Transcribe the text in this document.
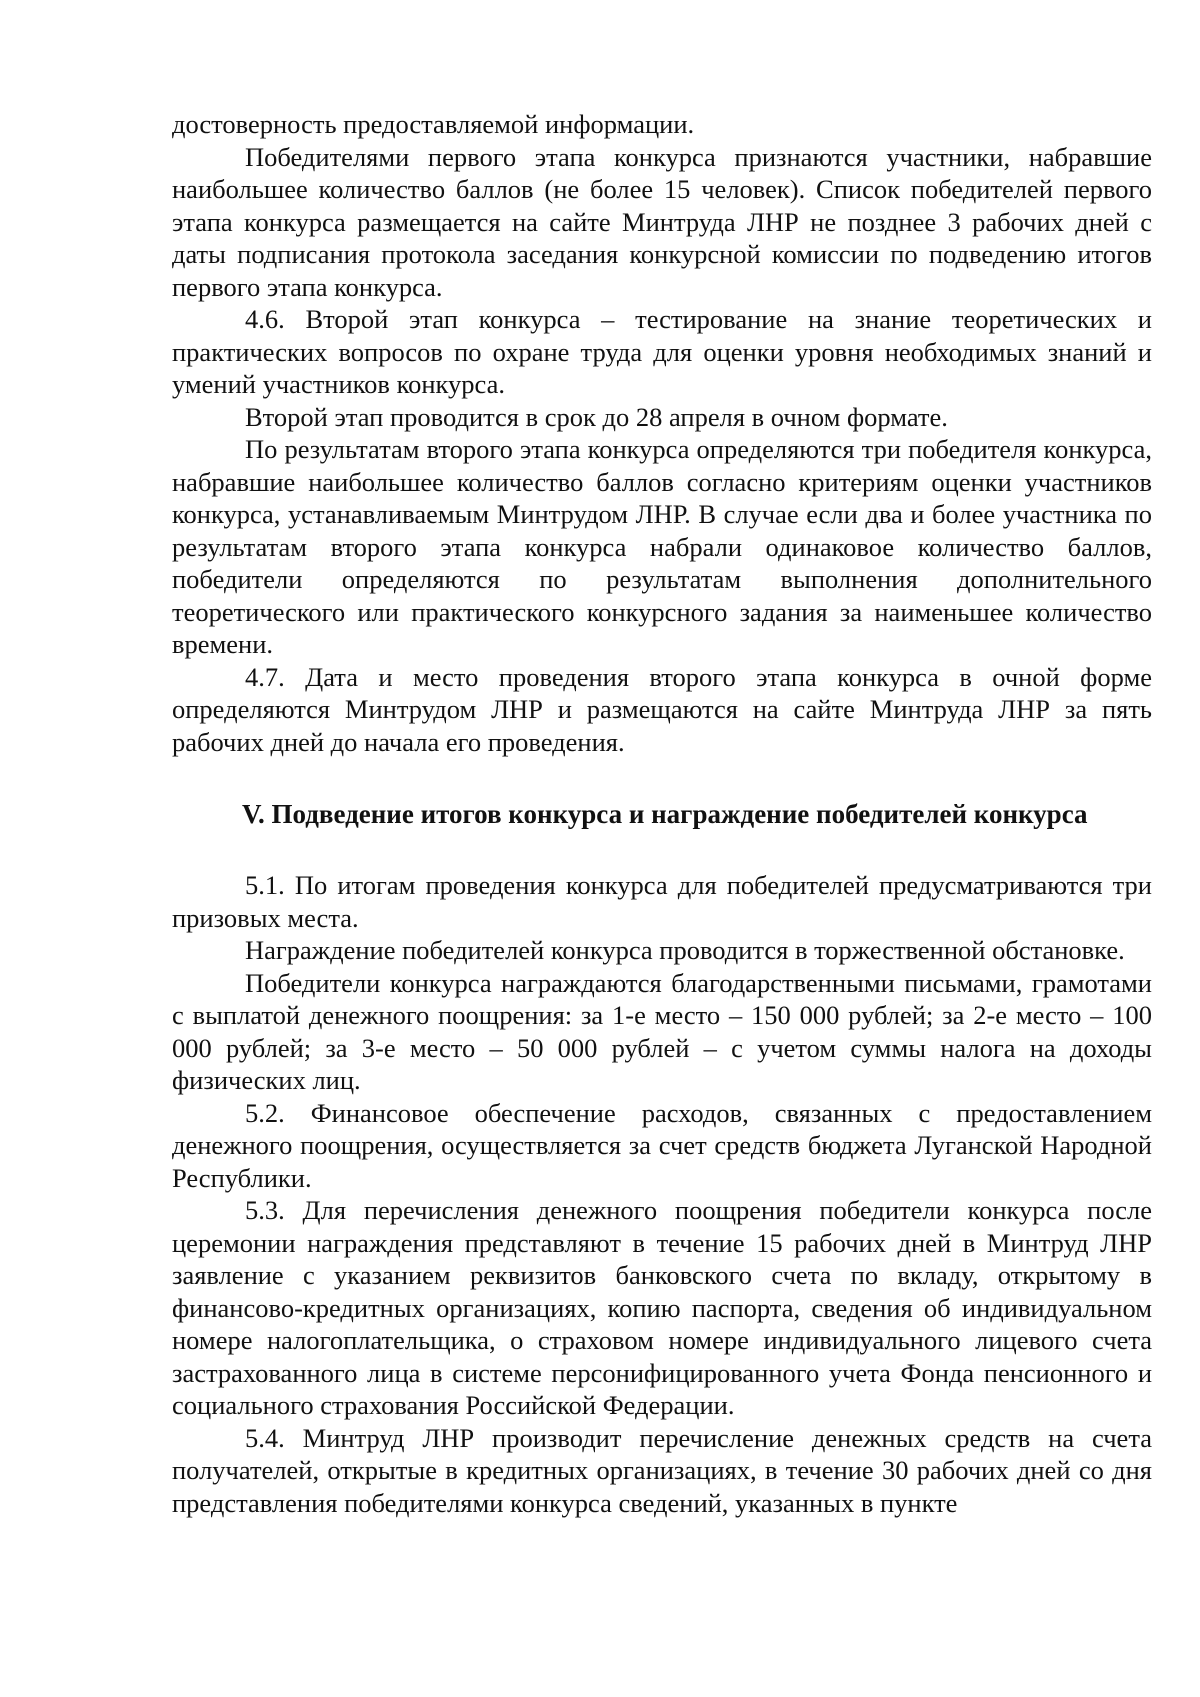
достоверность предоставляемой информации.

Победителями первого этапа конкурса признаются участники, набравшие наибольшее количество баллов (не более 15 человек). Список победителей первого этапа конкурса размещается на сайте Минтруда ЛНР не позднее 3 рабочих дней с даты подписания протокола заседания конкурсной комиссии по подведению итогов первого этапа конкурса.

4.6. Второй этап конкурса – тестирование на знание теоретических и практических вопросов по охране труда для оценки уровня необходимых знаний и умений участников конкурса.

Второй этап проводится в срок до 28 апреля в очном формате.

По результатам второго этапа конкурса определяются три победителя конкурса, набравшие наибольшее количество баллов согласно критериям оценки участников конкурса, устанавливаемым Минтрудом ЛНР. В случае если два и более участника по результатам второго этапа конкурса набрали одинаковое количество баллов, победители определяются по результатам выполнения дополнительного теоретического или практического конкурсного задания за наименьшее количество времени.

4.7. Дата и место проведения второго этапа конкурса в очной форме определяются Минтрудом ЛНР и размещаются на сайте Минтруда ЛНР за пять рабочих дней до начала его проведения.

V. Подведение итогов конкурса и награждение победителей конкурса

5.1. По итогам проведения конкурса для победителей предусматриваются три призовых места.

Награждение победителей конкурса проводится в торжественной обстановке.

Победители конкурса награждаются благодарственными письмами, грамотами с выплатой денежного поощрения: за 1-е место – 150 000 рублей; за 2-е место – 100 000 рублей; за 3-е место – 50 000 рублей – с учетом суммы налога на доходы физических лиц.

5.2. Финансовое обеспечение расходов, связанных с предоставлением денежного поощрения, осуществляется за счет средств бюджета Луганской Народной Республики.

5.3. Для перечисления денежного поощрения победители конкурса после церемонии награждения представляют в течение 15 рабочих дней в Минтруд ЛНР заявление с указанием реквизитов банковского счета по вкладу, открытому в финансово-кредитных организациях, копию паспорта, сведения об индивидуальном номере налогоплательщика, о страховом номере индивидуального лицевого счета застрахованного лица в системе персонифицированного учета Фонда пенсионного и социального страхования Российской Федерации.

5.4. Минтруд ЛНР производит перечисление денежных средств на счета получателей, открытые в кредитных организациях, в течение 30 рабочих дней со дня представления победителями конкурса сведений, указанных в пункте
